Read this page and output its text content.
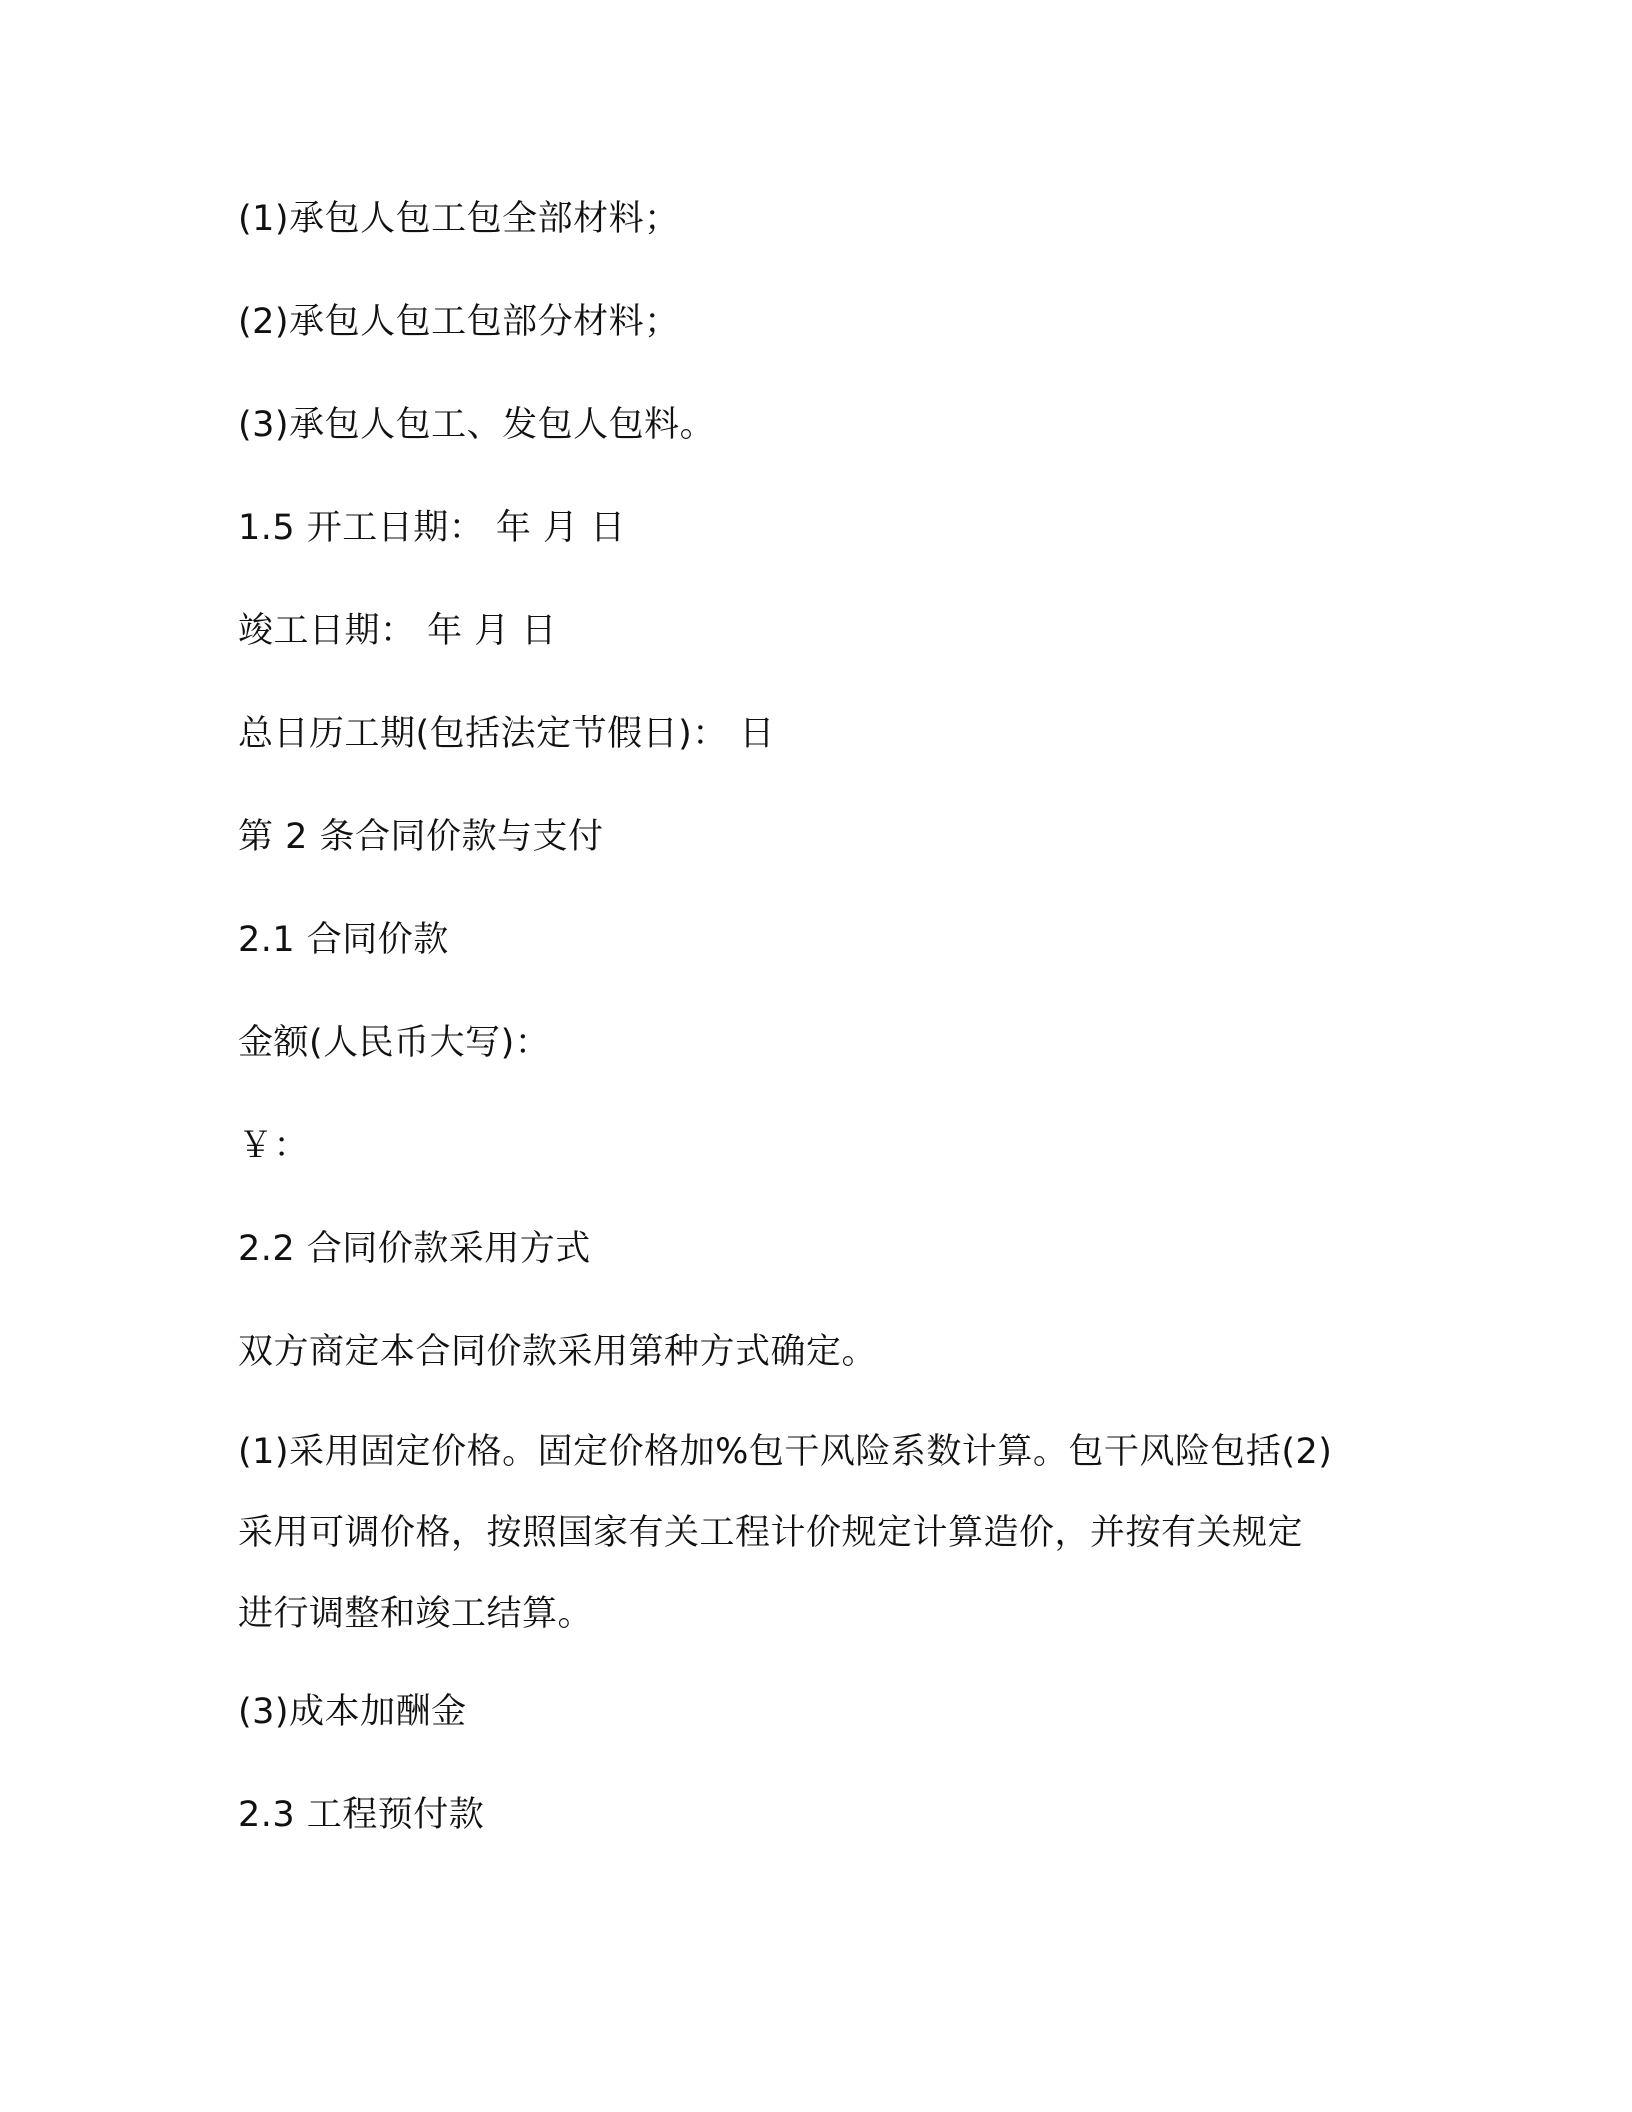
(1)承包人包工包全部材料；
(2)承包人包工包部分材料；
(3)承包人包工、发包人包料。
1.5 开工日期： 年 月 日
竣工日期： 年 月 日
总日历工期(包括法定节假日)： 日
第 2 条合同价款与支付
2.1 合同价款
金额(人民币大写)：
￥：
2.2 合同价款采用方式
双方商定本合同价款采用第种方式确定。
(1)采用固定价格。固定价格加%包干风险系数计算。包干风险包括(2)
采用可调价格，按照国家有关工程计价规定计算造价，并按有关规定
进行调整和竣工结算。
(3)成本加酬金
2.3 工程预付款
